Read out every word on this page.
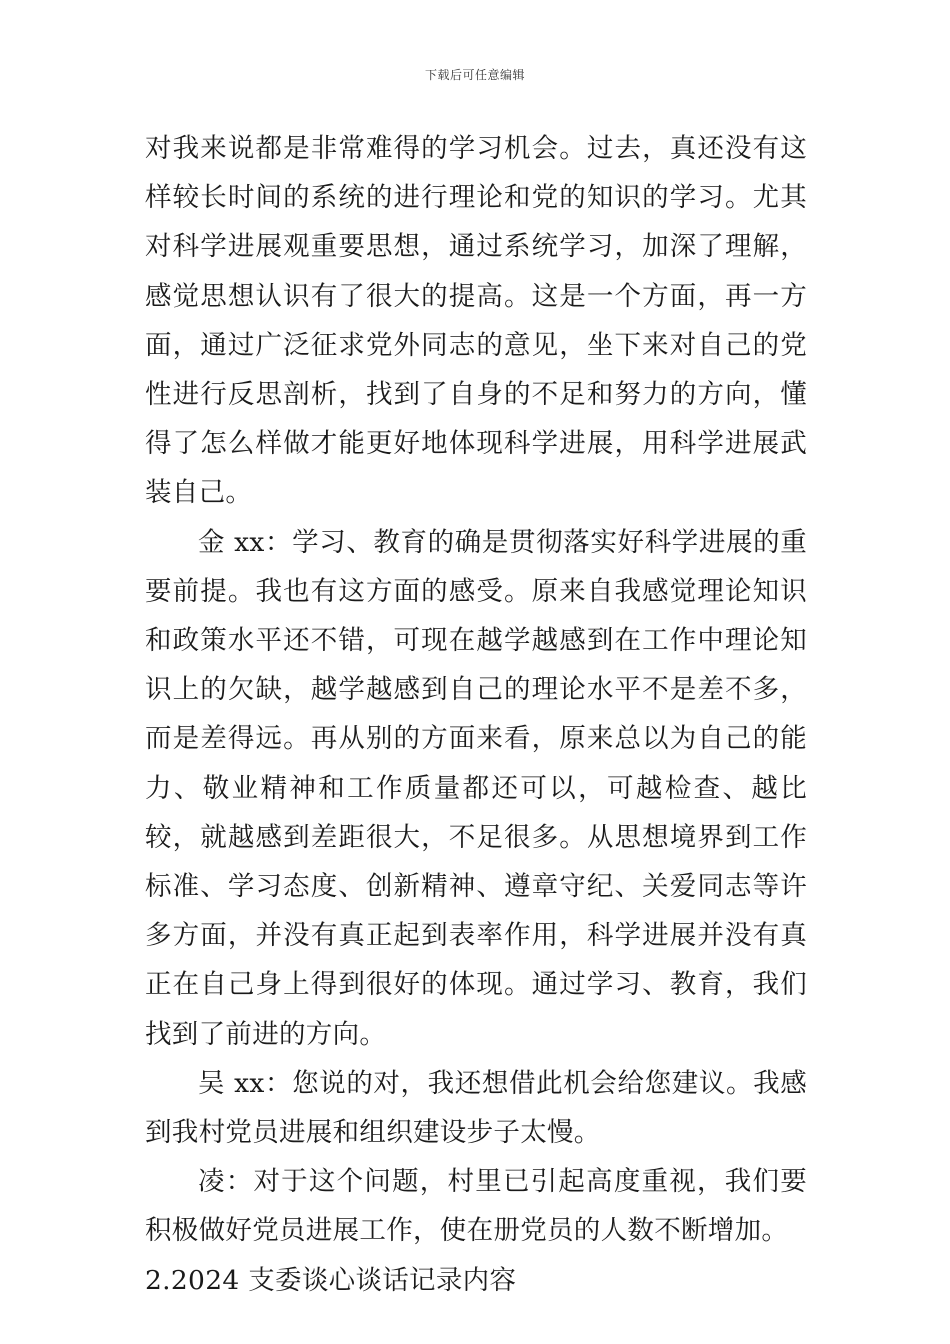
下载后可任意编辑

对我来说都是非常难得的学习机会。过去，真还没有这样较长时间的系统的进行理论和党的知识的学习。尤其对科学进展观重要思想，通过系统学习，加深了理解，感觉思想认识有了很大的提高。这是一个方面，再一方面，通过广泛征求党外同志的意见，坐下来对自己的党性进行反思剖析，找到了自身的不足和努力的方向，懂得了怎么样做才能更好地体现科学进展，用科学进展武装自己。

金 xx：学习、教育的确是贯彻落实好科学进展的重要前提。我也有这方面的感受。原来自我感觉理论知识和政策水平还不错，可现在越学越感到在工作中理论知识上的欠缺，越学越感到自己的理论水平不是差不多，而是差得远。再从别的方面来看，原来总以为自己的能力、敬业精神和工作质量都还可以，可越检查、越比较，就越感到差距很大，不足很多。从思想境界到工作标准、学习态度、创新精神、遵章守纪、关爱同志等许多方面，并没有真正起到表率作用，科学进展并没有真正在自己身上得到很好的体现。通过学习、教育，我们找到了前进的方向。

吴 xx：您说的对，我还想借此机会给您建议。我感到我村党员进展和组织建设步子太慢。

凌：对于这个问题，村里已引起高度重视，我们要积极做好党员进展工作，使在册党员的人数不断增加。

2.2024 支委谈心谈话记录内容
